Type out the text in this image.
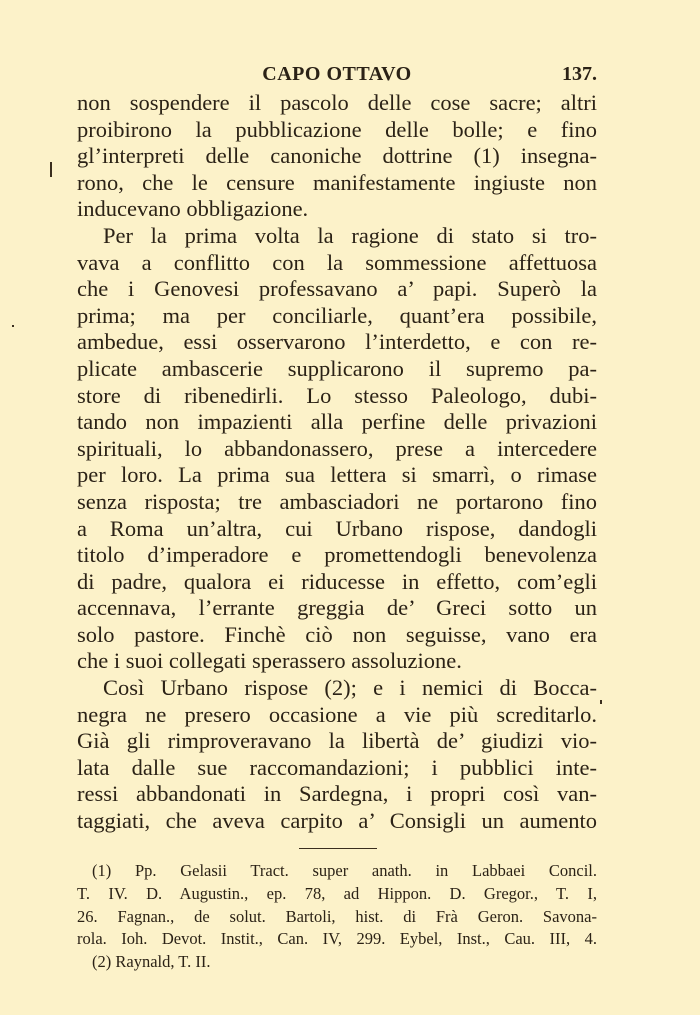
CAPO OTTAVO	137.
non sospendere il pascolo delle cose sacre; altri
proibirono la pubblicazione delle bolle; e fino
gl’interpreti delle canoniche dottrine (1) insegna-
rono, che le censure manifestamente ingiuste non
inducevano obbligazione.
Per la prima volta la ragione di stato si tro-
vava a conflitto con la sommessione affettuosa
che i Genovesi professavano a’ papi. Superò la
prima; ma per conciliarle, quant’era possibile,
ambedue, essi osservarono l’interdetto, e con re-
plicate ambascerie supplicarono il supremo pa-
store di ribenedirli. Lo stesso Paleologo, dubi-
tando non impazienti alla perfine delle privazioni
spirituali, lo abbandonassero, prese a intercedere
per loro. La prima sua lettera si smarrì, o rimase
senza risposta; tre ambasciadori ne portarono fino
a Roma un’altra, cui Urbano rispose, dandogli
titolo d’imperadore e promettendogli benevolenza
di padre, qualora ei riducesse in effetto, com’egli
accennava, l’errante greggia de’ Greci sotto un
solo pastore. Finchè ciò non seguisse, vano era
che i suoi collegati sperassero assoluzione.
Così Urbano rispose (2); e i nemici di Bocca-
negra ne presero occasione a vie più screditarlo.
Già gli rimproveravano la libertà de’ giudizi vio-
lata dalle sue raccomandazioni; i pubblici inte-
ressi abbandonati in Sardegna, i propri così van-
taggiati, che aveva carpito a’ Consigli un aumento
(1) Pp. Gelasii Tract. super anath. in Labbaei Concil.
T. IV. D. Augustin., ep. 78, ad Hippon. D. Gregor., T. I,
26. Fagnan., de solut. Bartoli, hist. di Frà Geron. Savona-
rola. Ioh. Devot. Instit., Can. IV, 299. Eybel, Inst., Cau. III, 4.
(2) Raynald, T. II.
